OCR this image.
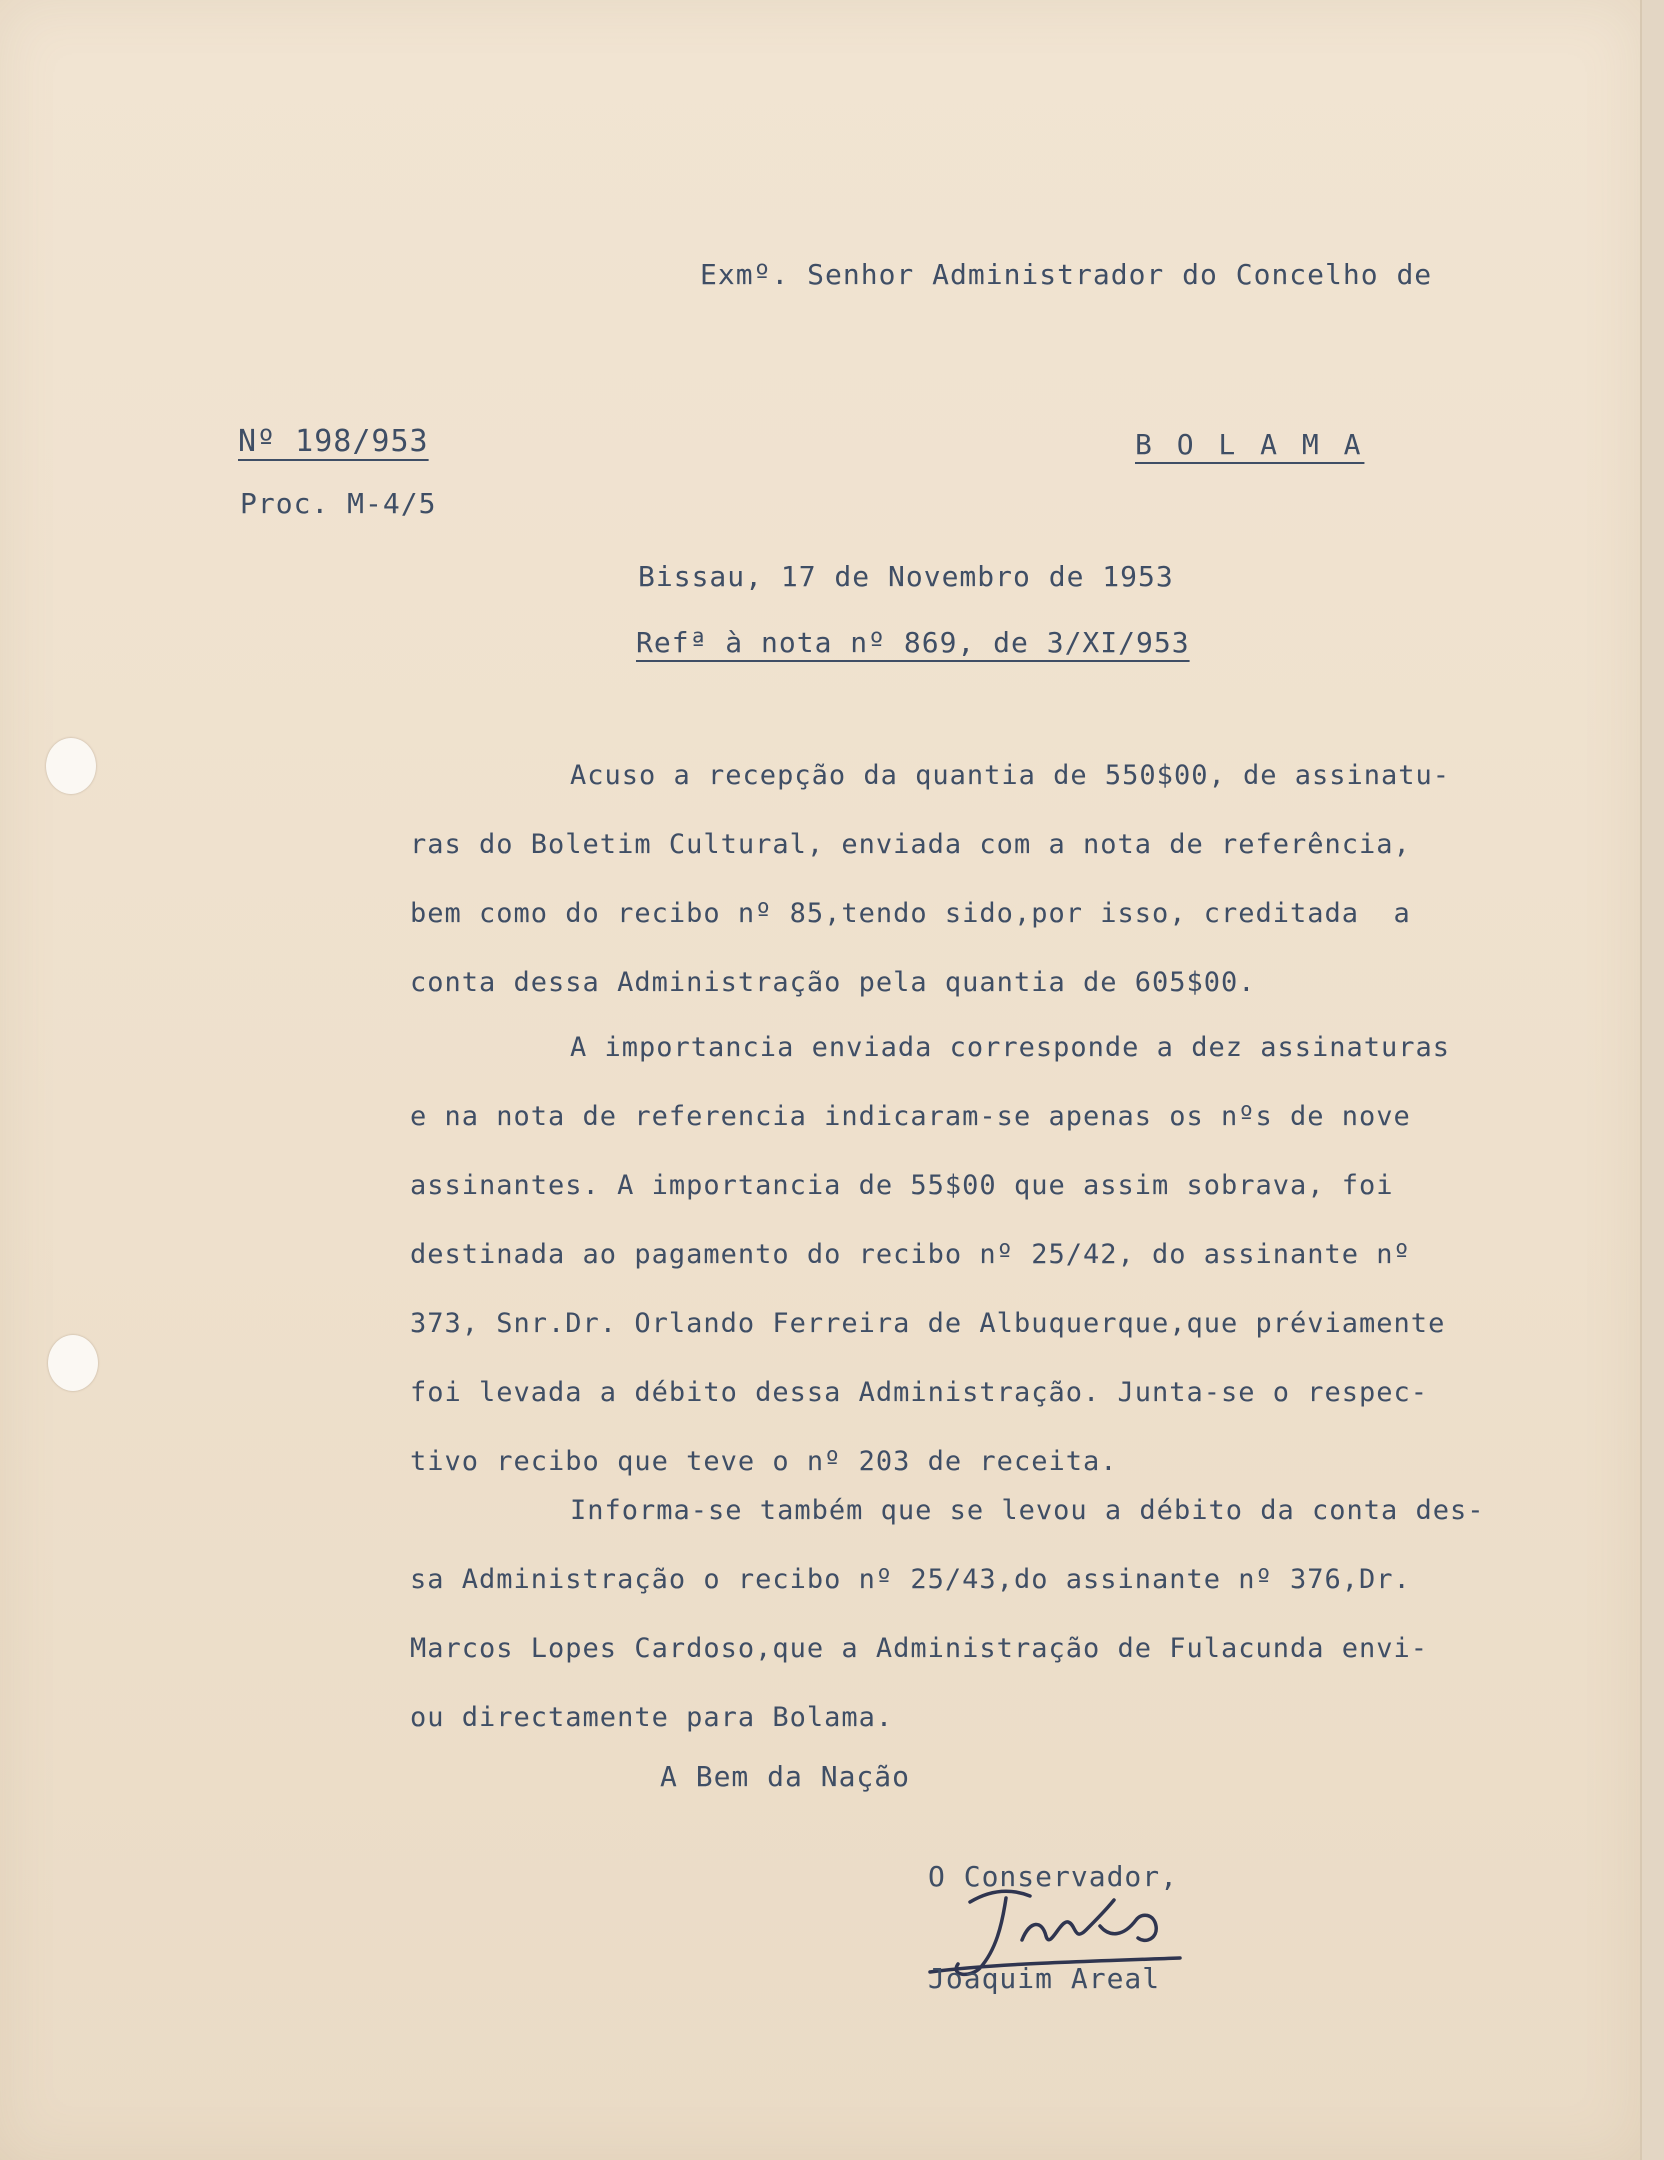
Exmº. Senhor Administrador do Concelho de

Nº 198/953	B O L A M A

Proc. M-4/5

Bissau, 17 de Novembro de 1953

Refª à nota nº 869, de 3/XI/953

Acuso a recepção da quantia de 550$00, de assinatu-
ras do Boletim Cultural, enviada com a nota de referência,
bem como do recibo nº 85,tendo sido,por isso, creditada  a
conta dessa Administração pela quantia de 605$00.
A importancia enviada corresponde a dez assinaturas
e na nota de referencia indicaram-se apenas os nºs de nove
assinantes. A importancia de 55$00 que assim sobrava, foi
destinada ao pagamento do recibo nº 25/42, do assinante nº
373, Snr.Dr. Orlando Ferreira de Albuquerque,que préviamente
foi levada a débito dessa Administração. Junta-se o respec-
tivo recibo que teve o nº 203 de receita.
Informa-se também que se levou a débito da conta des-
sa Administração o recibo nº 25/43,do assinante nº 376,Dr.
Marcos Lopes Cardoso,que a Administração de Fulacunda envi-
ou directamente para Bolama.

A Bem da Nação

O Conservador,

Joaquim Areal
